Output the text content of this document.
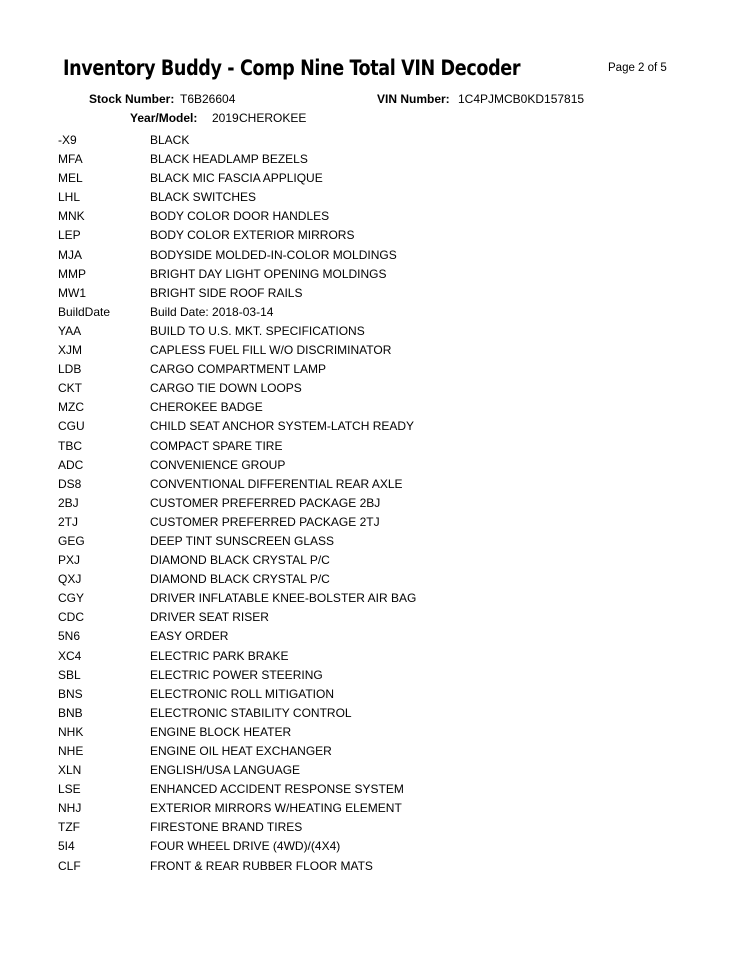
Inventory Buddy - Comp Nine Total VIN Decoder	Page 2 of 5
Stock Number: T6B26604	VIN Number: 1C4PJMCB0KD157815
Year/Model: 2019 CHEROKEE
-X9	BLACK
MFA	BLACK HEADLAMP BEZELS
MEL	BLACK MIC FASCIA APPLIQUE
LHL	BLACK SWITCHES
MNK	BODY COLOR DOOR HANDLES
LEP	BODY COLOR EXTERIOR MIRRORS
MJA	BODYSIDE MOLDED-IN-COLOR MOLDINGS
MMP	BRIGHT DAY LIGHT OPENING MOLDINGS
MW1	BRIGHT SIDE ROOF RAILS
BuildDate	Build Date: 2018-03-14
YAA	BUILD TO U.S. MKT. SPECIFICATIONS
XJM	CAPLESS FUEL FILL W/O DISCRIMINATOR
LDB	CARGO COMPARTMENT LAMP
CKT	CARGO TIE DOWN LOOPS
MZC	CHEROKEE BADGE
CGU	CHILD SEAT ANCHOR SYSTEM-LATCH READY
TBC	COMPACT SPARE TIRE
ADC	CONVENIENCE GROUP
DS8	CONVENTIONAL DIFFERENTIAL REAR AXLE
2BJ	CUSTOMER PREFERRED PACKAGE 2BJ
2TJ	CUSTOMER PREFERRED PACKAGE 2TJ
GEG	DEEP TINT SUNSCREEN GLASS
PXJ	DIAMOND BLACK CRYSTAL P/C
QXJ	DIAMOND BLACK CRYSTAL P/C
CGY	DRIVER INFLATABLE KNEE-BOLSTER AIR BAG
CDC	DRIVER SEAT RISER
5N6	EASY ORDER
XC4	ELECTRIC PARK BRAKE
SBL	ELECTRIC POWER STEERING
BNS	ELECTRONIC ROLL MITIGATION
BNB	ELECTRONIC STABILITY CONTROL
NHK	ENGINE BLOCK HEATER
NHE	ENGINE OIL HEAT EXCHANGER
XLN	ENGLISH/USA LANGUAGE
LSE	ENHANCED ACCIDENT RESPONSE SYSTEM
NHJ	EXTERIOR MIRRORS W/HEATING ELEMENT
TZF	FIRESTONE BRAND TIRES
5I4	FOUR WHEEL DRIVE (4WD)/(4X4)
CLF	FRONT & REAR RUBBER FLOOR MATS
